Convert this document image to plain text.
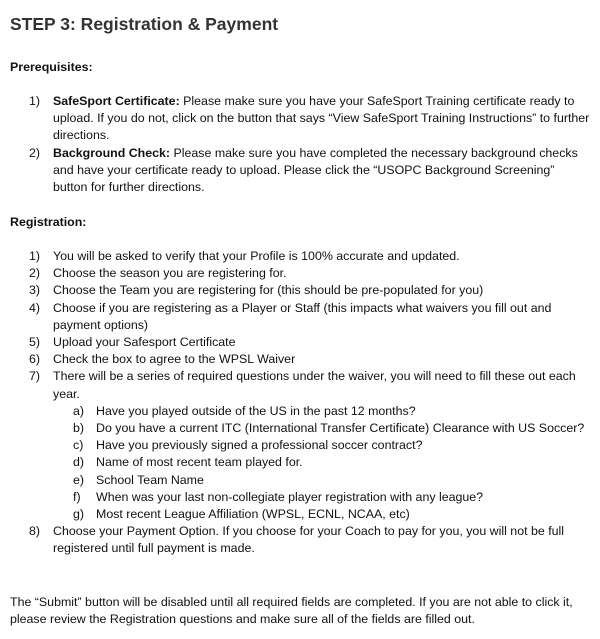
STEP 3: Registration & Payment
Prerequisites:

1) SafeSport Certificate: Please make sure you have your SafeSport Training certificate ready to upload. If you do not, click on the button that says “View SafeSport Training Instructions” to further directions.

2) Background Check: Please make sure you have completed the necessary background checks and have your certificate ready to upload. Please click the “USOPC Background Screening” button for further directions.

Registration:

1) You will be asked to verify that your Profile is 100% accurate and updated.

2) Choose the season you are registering for.

3) Choose the Team you are registering for (this should be pre-populated for you)

4) Choose if you are registering as a Player or Staff (this impacts what waivers you fill out and payment options)

5) Upload your Safesport Certificate

6) Check the box to agree to the WPSL Waiver

7) There will be a series of required questions under the waiver, you will need to fill these out each year.

a) Have you played outside of the US in the past 12 months?

b) Do you have a current ITC (International Transfer Certificate) Clearance with US Soccer?

c) Have you previously signed a professional soccer contract?

d) Name of most recent team played for.

e) School Team Name

f) When was your last non-collegiate player registration with any league?

g) Most recent League Affiliation (WPSL, ECNL, NCAA, etc)

8) Choose your Payment Option. If you choose for your Coach to pay for you, you will not be full registered until full payment is made.

The “Submit” button will be disabled until all required fields are completed. If you are not able to click it, please review the Registration questions and make sure all of the fields are filled out.
